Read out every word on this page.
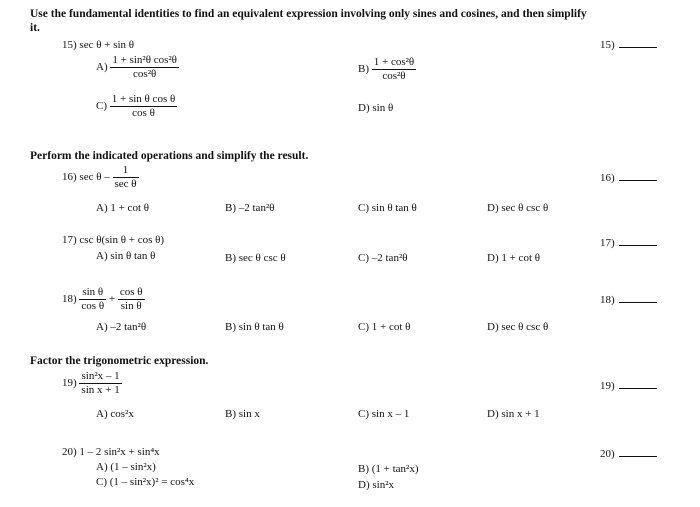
Use the fundamental identities to find an equivalent expression involving only sines and cosines, and then simplify
it.
15) sec θ + sin θ	15)
$A) \frac{\text{1 + sin²θ cos²θ}}{\text{cos²θ}}$	$B) \frac{\text{1 + cos²θ}}{\text{cos²θ}}$
$C) \frac{\text{1 + sin θ cos θ}}{\text{cos θ}}$	D) sin θ
Perform the indicated operations and simplify the result.
16) sec θ – $\frac{1}{\text{sec θ}}$	16)
A) 1 + cot θ	B) –2 tan²θ	C) sin θ tan θ	D) sec θ csc θ
17) csc θ(sin θ + cos θ)	17)
A) sin θ tan θ	B) sec θ csc θ	C) –2 tan²θ	D) 1 + cot θ
$18) \frac{\text{sin θ}}{\text{cos θ}} + \frac{\text{cos θ}}{\text{sin θ}}$	18)
A) –2 tan²θ	B) sin θ tan θ	C) 1 + cot θ	D) sec θ csc θ
Factor the trigonometric expression.
$19) \frac{\text{sin²x – 1}}{\text{sin x + 1}}$	19)
A) cos²x	B) sin x	C) sin x – 1	D) sin x + 1
20) 1 – 2 sin²x + sin⁴x	20)
A) (1 – sin²x)	B) (1 + tan²x)
C) (1 – sin²x)² = cos⁴x	D) sin²x
